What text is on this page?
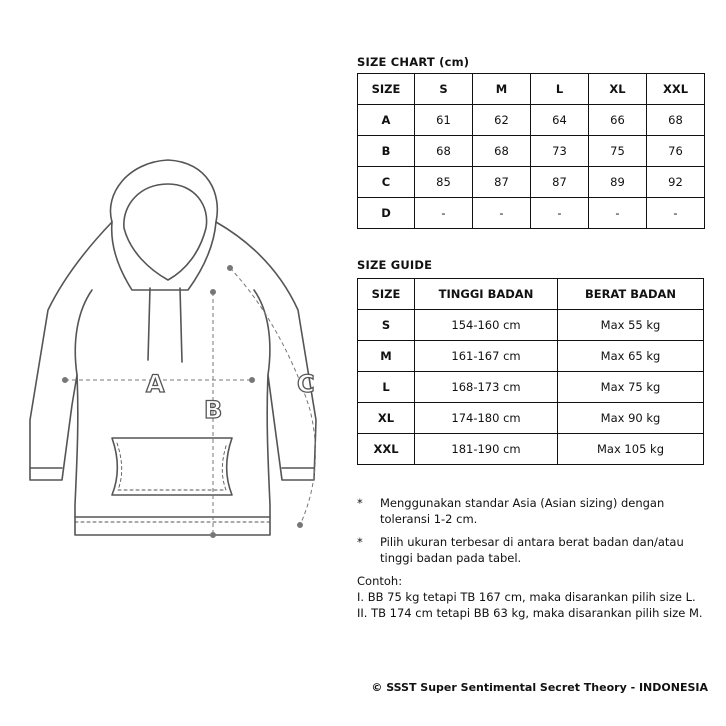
A
B
C
SIZE CHART (cm)
SIZE	S	M	L	XL	XXL
A	61	62	64	66	68
B	68	68	73	75	76
C	85	87	87	89	92
D	-	-	-	-	-
SIZE GUIDE
SIZE	TINGGI BADAN	BERAT BADAN
S	154-160 cm	Max 55 kg
M	161-167 cm	Max 65 kg
L	168-173 cm	Max 75 kg
XL	174-180 cm	Max 90 kg
XXL	181-190 cm	Max 105 kg
* Menggunakan standar Asia (Asian sizing) dengan toleransi 1-2 cm.
* Pilih ukuran terbesar di antara berat badan dan/atau tinggi badan pada tabel.
Contoh:
I. BB 75 kg tetapi TB 167 cm, maka disarankan pilih size L.
II. TB 174 cm tetapi BB 63 kg, maka disarankan pilih size M.
© SSST Super Sentimental Secret Theory - INDONESIA
